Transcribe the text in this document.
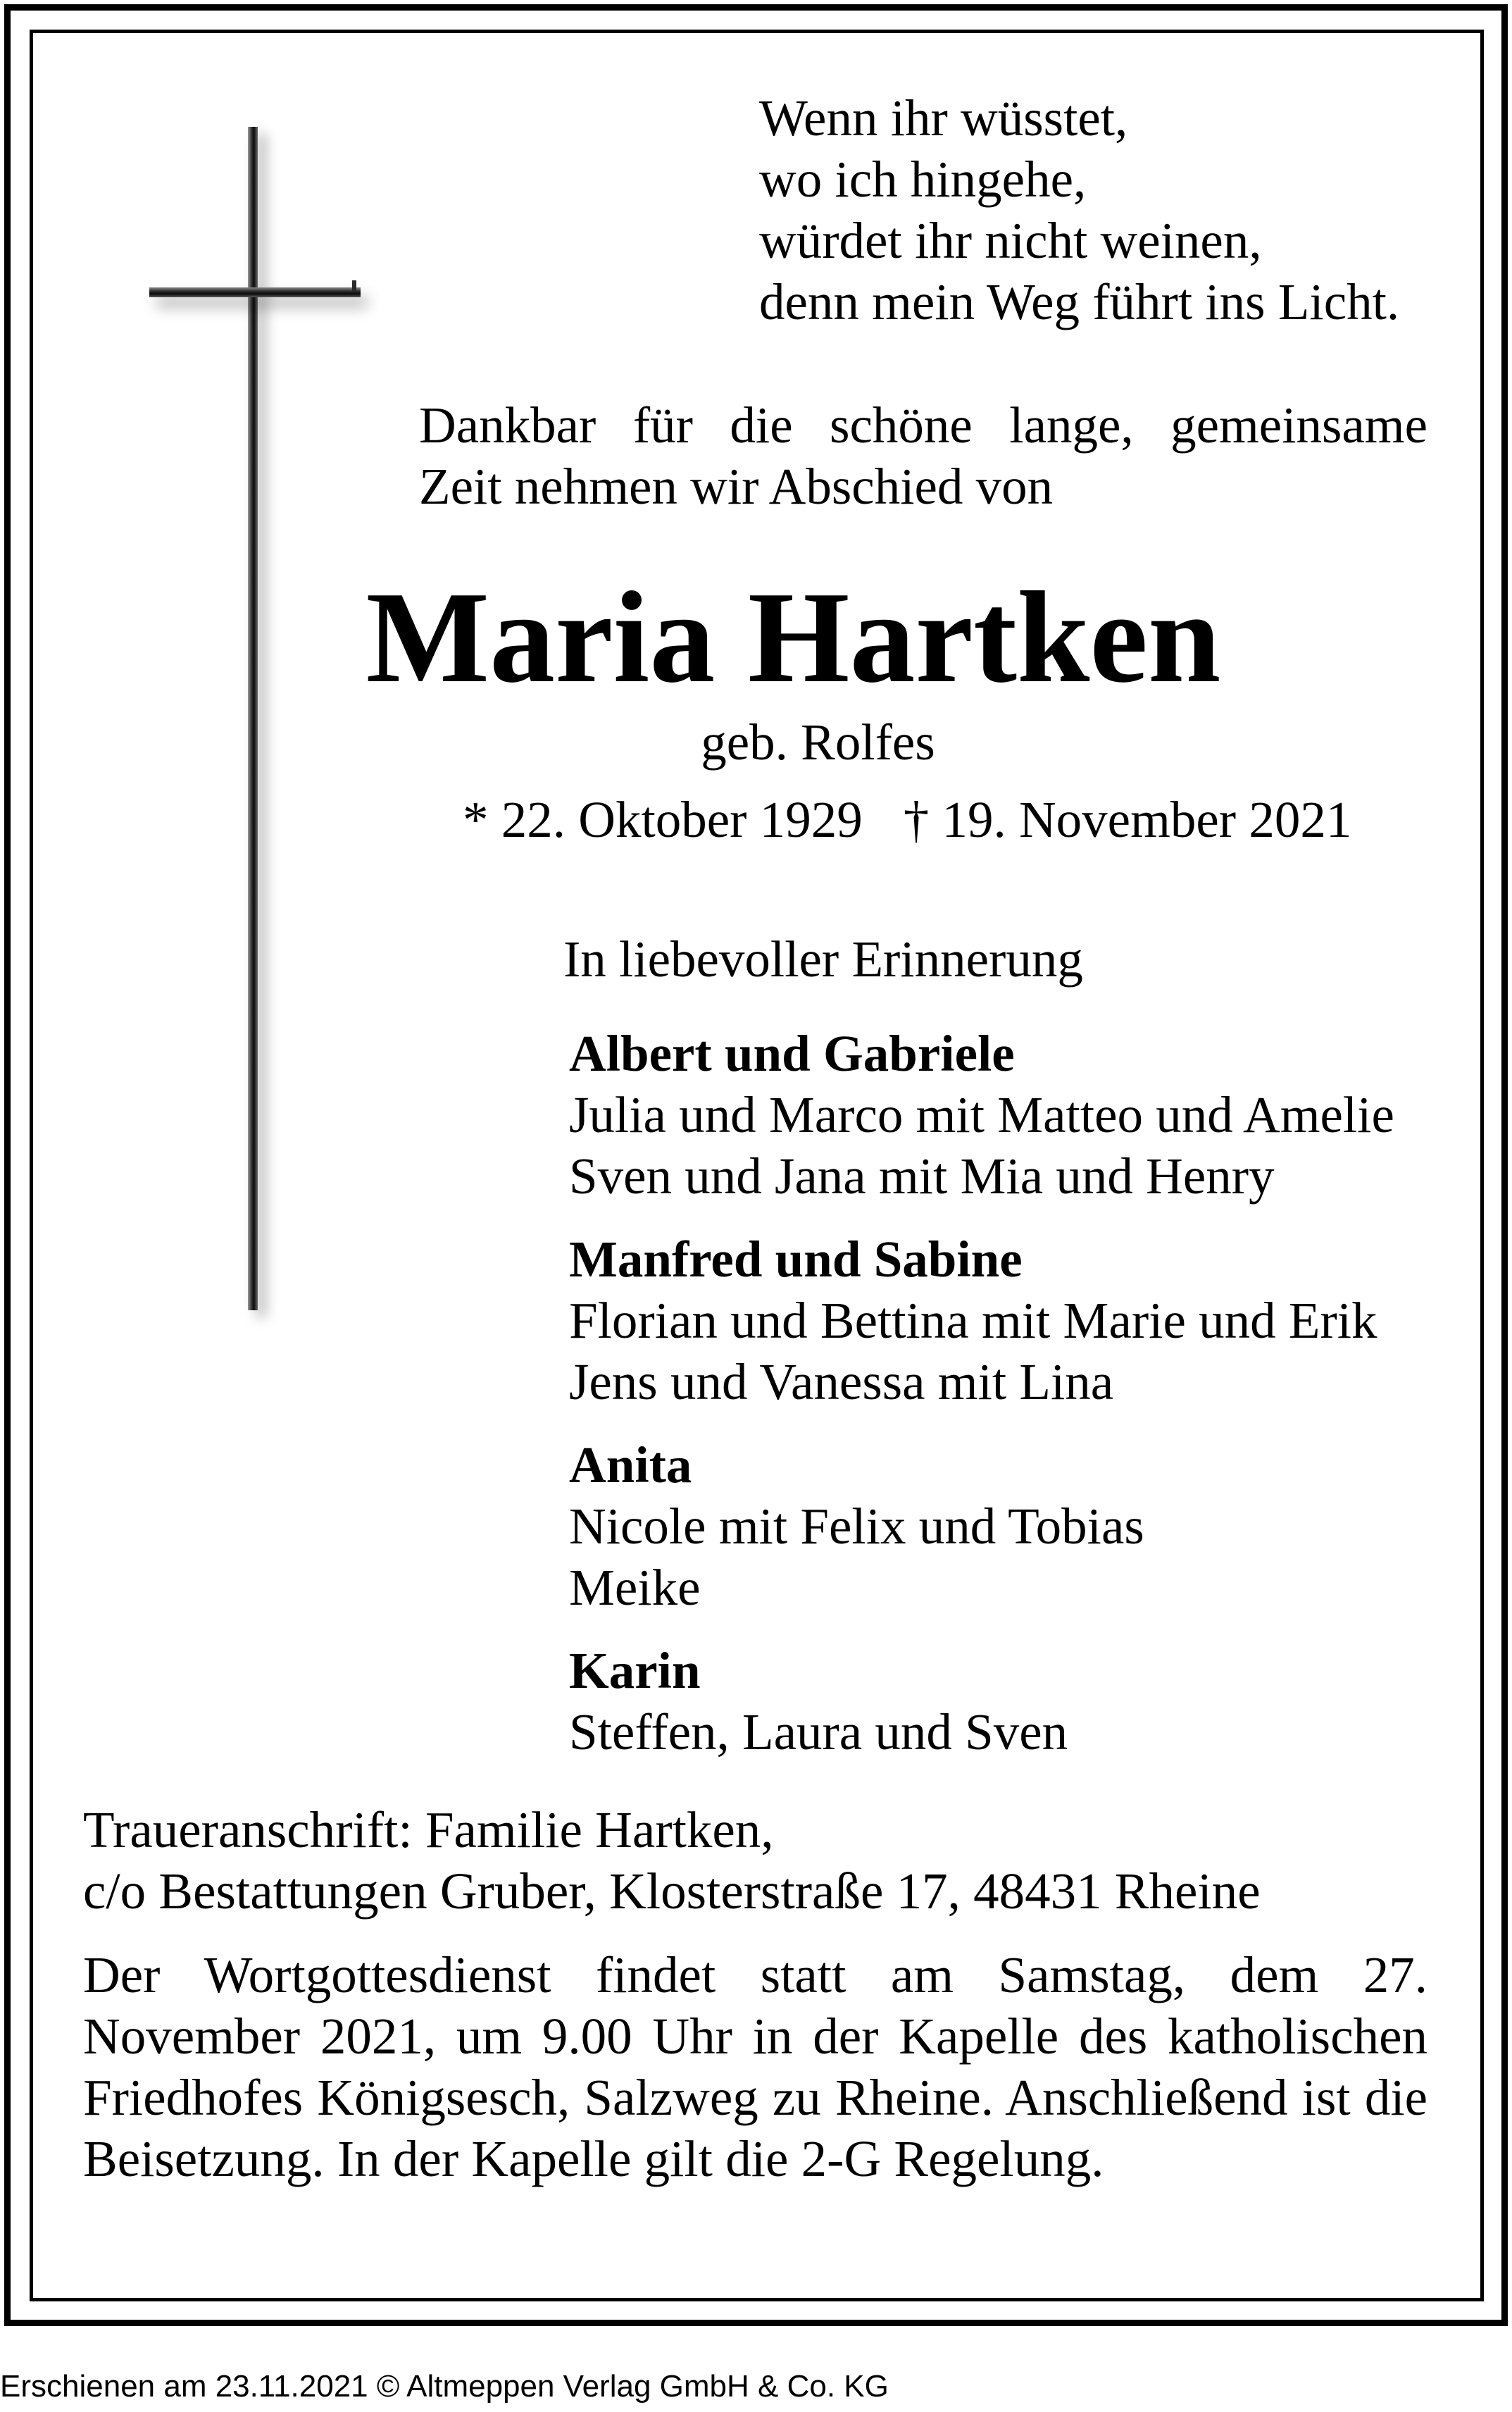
Wenn ihr wüsstet,
wo ich hingehe,
würdet ihr nicht weinen,
denn mein Weg führt ins Licht.
Dankbar für die schöne lange, gemeinsame
Zeit nehmen wir Abschied von
Maria Hartken
geb. Rolfes
* 22. Oktober 1929 † 19. November 2021
In liebevoller Erinnerung
Albert und Gabriele
Julia und Marco mit Matteo und Amelie
Sven und Jana mit Mia und Henry
Manfred und Sabine
Florian und Bettina mit Marie und Erik
Jens und Vanessa mit Lina
Anita
Nicole mit Felix und Tobias
Meike
Karin
Steffen, Laura und Sven
Traueranschrift: Familie Hartken,
c/o Bestattungen Gruber, Klosterstraße 17, 48431 Rheine
Der Wortgottesdienst findet statt am Samstag, dem 27. November 2021, um 9.00 Uhr in der Kapelle des katholischen Friedhofes Königsesch, Salzweg zu Rheine. Anschließend ist die Beisetzung. In der Kapelle gilt die 2-G Regelung.
Erschienen am 23.11.2021 © Altmeppen Verlag GmbH & Co. KG
